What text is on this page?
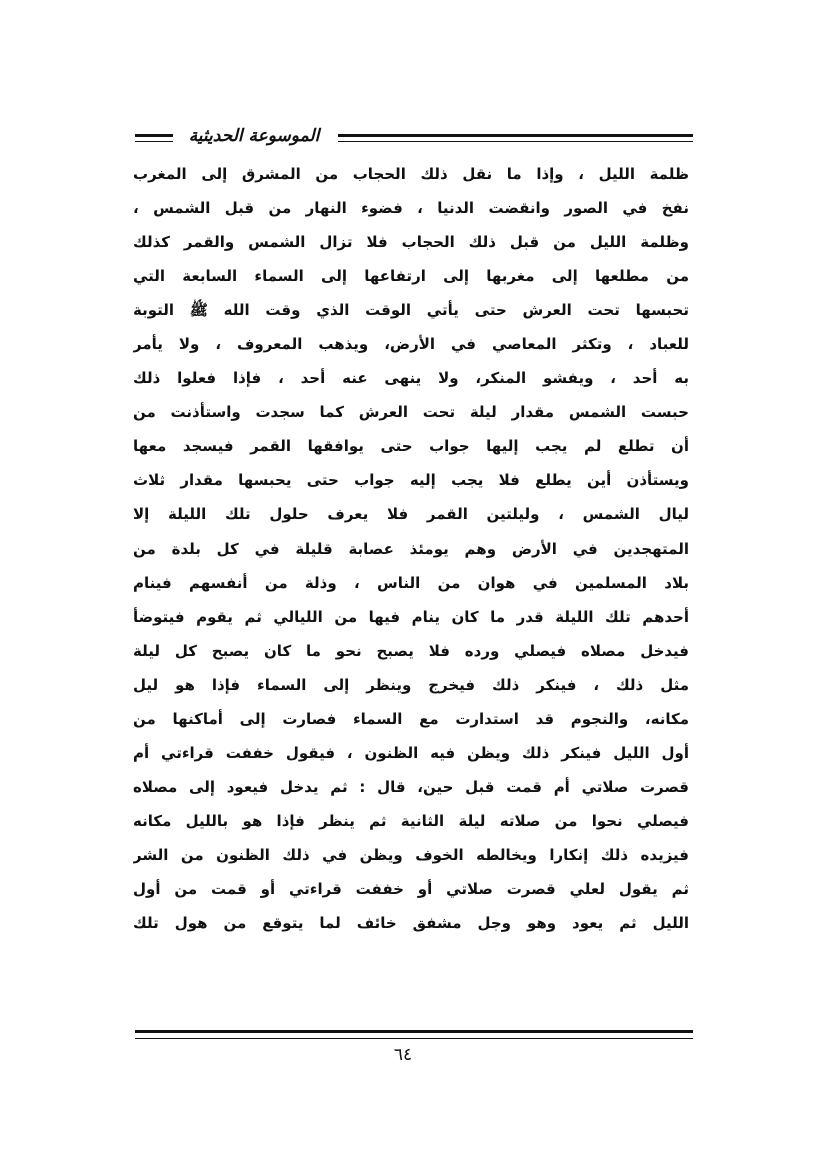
الموسوعة الحديثية
ظلمة الليل ، وإذا ما نقل ذلك الحجاب من المشرق إلى المغرب
نفخ في الصور وانقضت الدنيا ، فضوء النهار من قبل الشمس ،
وظلمة الليل من قبل ذلك الحجاب فلا تزال الشمس والقمر كذلك
من مطلعها إلى مغربها إلى ارتفاعها إلى السماء السابعة التي
تحبسها تحت العرش حتى يأتي الوقت الذي وقت الله ﷺ التوبة
للعباد ، وتكثر المعاصي في الأرض، ويذهب المعروف ، ولا يأمر
به أحد ، ويفشو المنكر، ولا ينهى عنه أحد ، فإذا فعلوا ذلك
حبست الشمس مقدار ليلة تحت العرش كما سجدت واستأذنت من
أن تطلع لم يجب إليها جواب حتى يوافقها القمر فيسجد معها
ويستأذن أين يطلع فلا يجب إليه جواب حتى يحبسها مقدار ثلاث
ليال الشمس ، وليلتين القمر فلا يعرف حلول تلك الليلة إلا
المتهجدين في الأرض وهم يومئذ عصابة قليلة في كل بلدة من
بلاد المسلمين في هوان من الناس ، وذلة من أنفسهم فينام
أحدهم تلك الليلة قدر ما كان ينام فيها من الليالي ثم يقوم فيتوضأ
فيدخل مصلاه فيصلي ورده فلا يصبح نحو ما كان يصبح كل ليلة
مثل ذلك ، فينكر ذلك فيخرج وينظر إلى السماء فإذا هو ليل
مكانه، والنجوم قد استدارت مع السماء فصارت إلى أماكنها من
أول الليل فينكر ذلك ويظن فيه الظنون ، فيقول خففت قراءتي أم
قصرت صلاتي أم قمت قبل حين، قال : ثم يدخل فيعود إلى مصلاه
فيصلي نحوا من صلاته ليلة الثانية ثم ينظر فإذا هو بالليل مكانه
فيزيده ذلك إنكارا ويخالطه الخوف ويظن في ذلك الظنون من الشر
ثم يقول لعلي قصرت صلاتي أو خففت قراءتي أو قمت من أول
الليل ثم يعود وهو وجل مشفق خائف لما يتوقع من هول تلك
٦٤
